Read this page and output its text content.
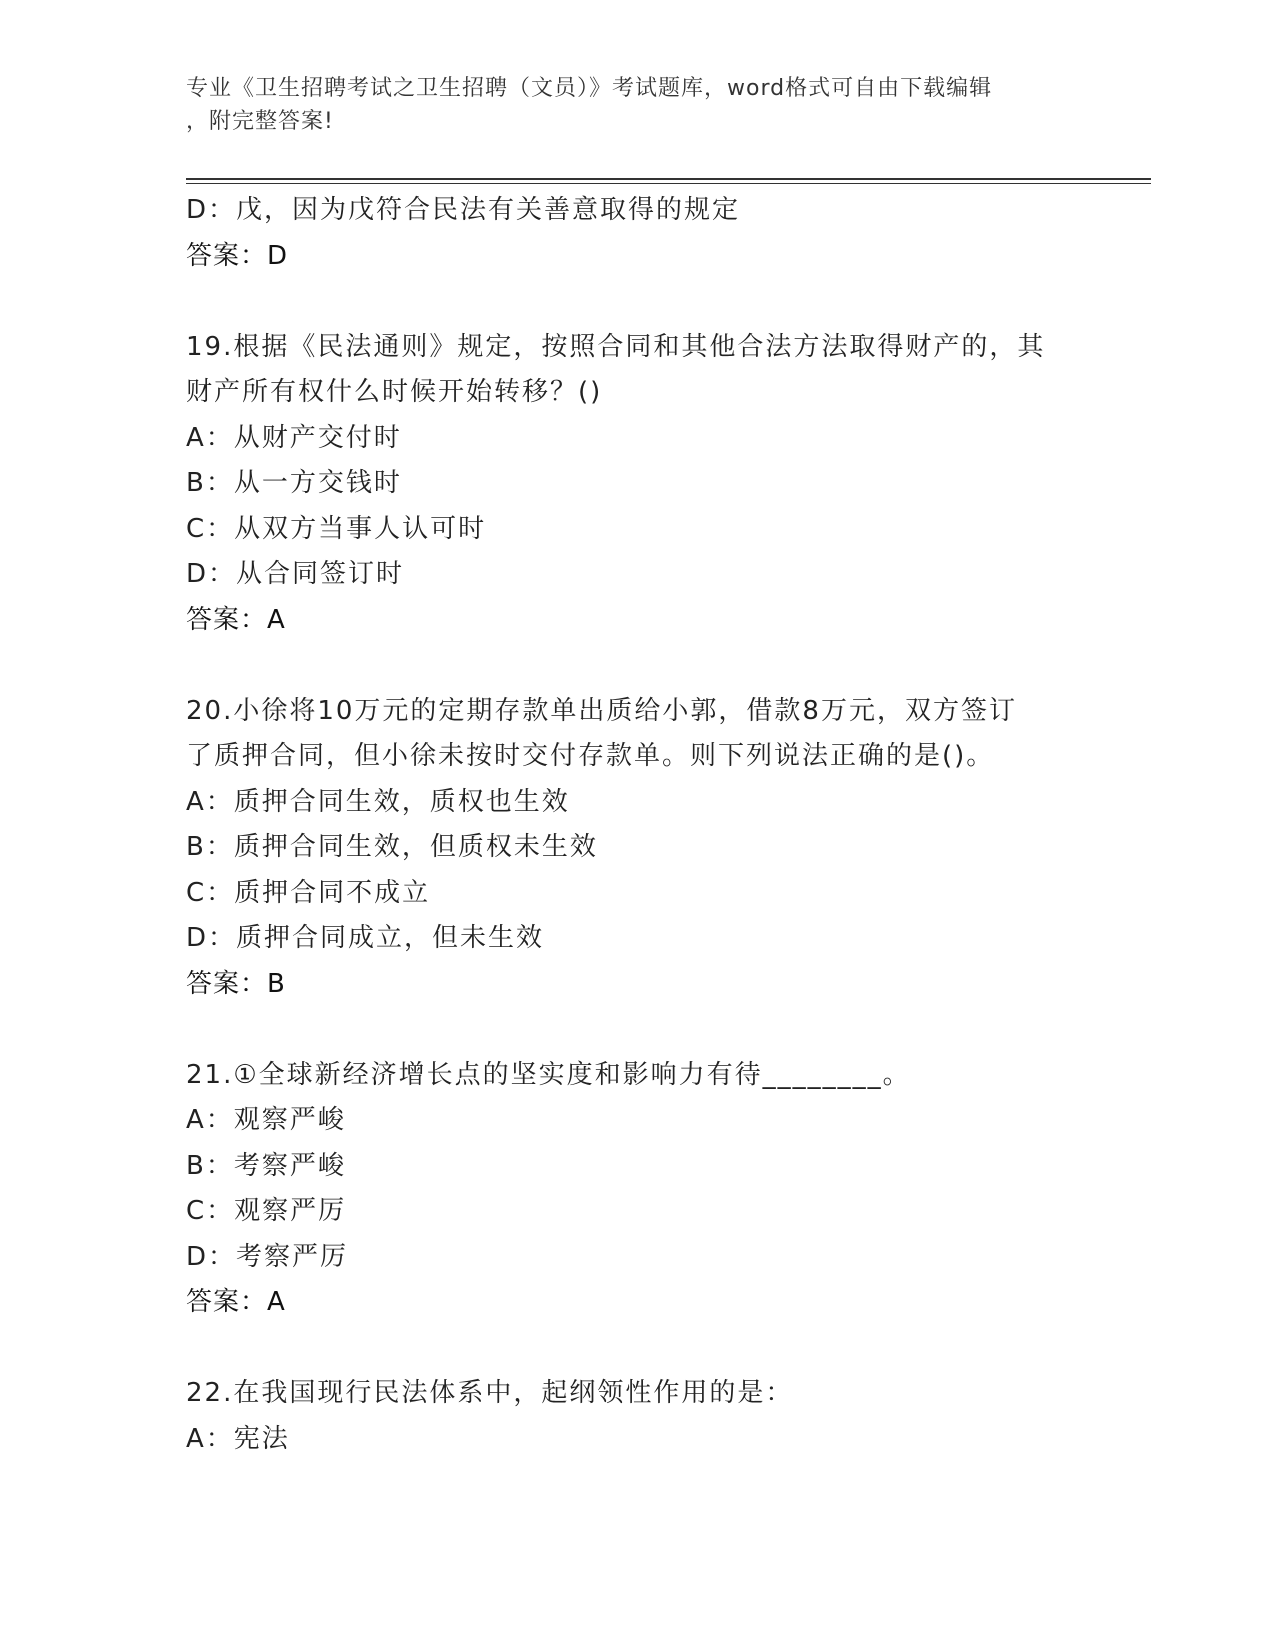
专业《卫生招聘考试之卫生招聘（文员）》考试题库，word格式可自由下载编辑
，附完整答案!
D：戊，因为戊符合民法有关善意取得的规定
答案：D
19.根据《民法通则》规定，按照合同和其他合法方法取得财产的，其
财产所有权什么时候开始转移？()
A：从财产交付时
B：从一方交钱时
C：从双方当事人认可时
D：从合同签订时
答案：A
20.小徐将10万元的定期存款单出质给小郭，借款8万元，双方签订
了质押合同，但小徐未按时交付存款单。则下列说法正确的是()。
A：质押合同生效，质权也生效
B：质押合同生效，但质权未生效
C：质押合同不成立
D：质押合同成立，但未生效
答案：B
21.①全球新经济增长点的坚实度和影响力有待________。
A：观察严峻
B：考察严峻
C：观察严厉
D：考察严厉
答案：A
22.在我国现行民法体系中，起纲领性作用的是：
A：宪法
